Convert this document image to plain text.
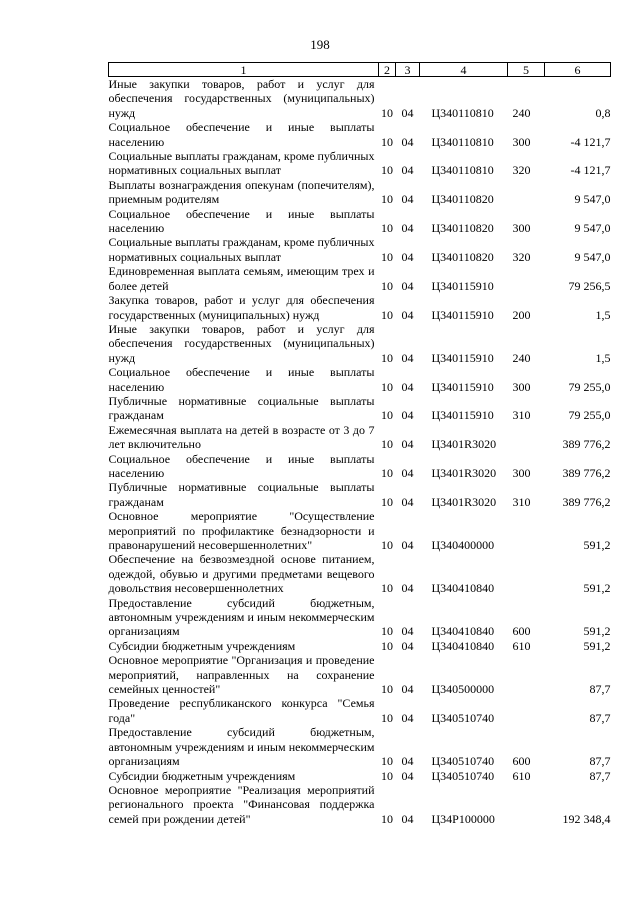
198
1	2	3	4	5	6
Иные закупки товаров, работ и услуг для обеспечения государственных (муниципальных) нужд	10	04	Ц340110810	240	0,8
Социальное обеспечение и иные выплаты населению	10	04	Ц340110810	300	-4 121,7
Социальные выплаты гражданам, кроме публичных нормативных социальных выплат	10	04	Ц340110810	320	-4 121,7
Выплаты вознаграждения опекунам (попечителям), приемным родителям	10	04	Ц340110820		9 547,0
Социальное обеспечение и иные выплаты населению	10	04	Ц340110820	300	9 547,0
Социальные выплаты гражданам, кроме публичных нормативных социальных выплат	10	04	Ц340110820	320	9 547,0
Единовременная выплата семьям, имеющим трех и более детей	10	04	Ц340115910		79 256,5
Закупка товаров, работ и услуг для обеспечения государственных (муниципальных) нужд	10	04	Ц340115910	200	1,5
Иные закупки товаров, работ и услуг для обеспечения государственных (муниципальных) нужд	10	04	Ц340115910	240	1,5
Социальное обеспечение и иные выплаты населению	10	04	Ц340115910	300	79 255,0
Публичные нормативные социальные выплаты гражданам	10	04	Ц340115910	310	79 255,0
Ежемесячная выплата на детей в возрасте от 3 до 7 лет включительно	10	04	Ц3401R3020		389 776,2
Социальное обеспечение и иные выплаты населению	10	04	Ц3401R3020	300	389 776,2
Публичные нормативные социальные выплаты гражданам	10	04	Ц3401R3020	310	389 776,2
Основное мероприятие "Осуществление мероприятий по профилактике безнадзорности и правонарушений несовершеннолетних"	10	04	Ц340400000		591,2
Обеспечение на безвозмездной основе питанием, одеждой, обувью и другими предметами вещевого довольствия несовершеннолетних	10	04	Ц340410840		591,2
Предоставление субсидий бюджетным, автономным учреждениям и иным некоммерческим организациям	10	04	Ц340410840	600	591,2
Субсидии бюджетным учреждениям	10	04	Ц340410840	610	591,2
Основное мероприятие "Организация и проведение мероприятий, направленных на сохранение семейных ценностей"	10	04	Ц340500000		87,7
Проведение республиканского конкурса "Семья года"	10	04	Ц340510740		87,7
Предоставление субсидий бюджетным, автономным учреждениям и иным некоммерческим организациям	10	04	Ц340510740	600	87,7
Субсидии бюджетным учреждениям	10	04	Ц340510740	610	87,7
Основное мероприятие "Реализация мероприятий регионального проекта "Финансовая поддержка семей при рождении детей"	10	04	Ц34P100000		192 348,4
